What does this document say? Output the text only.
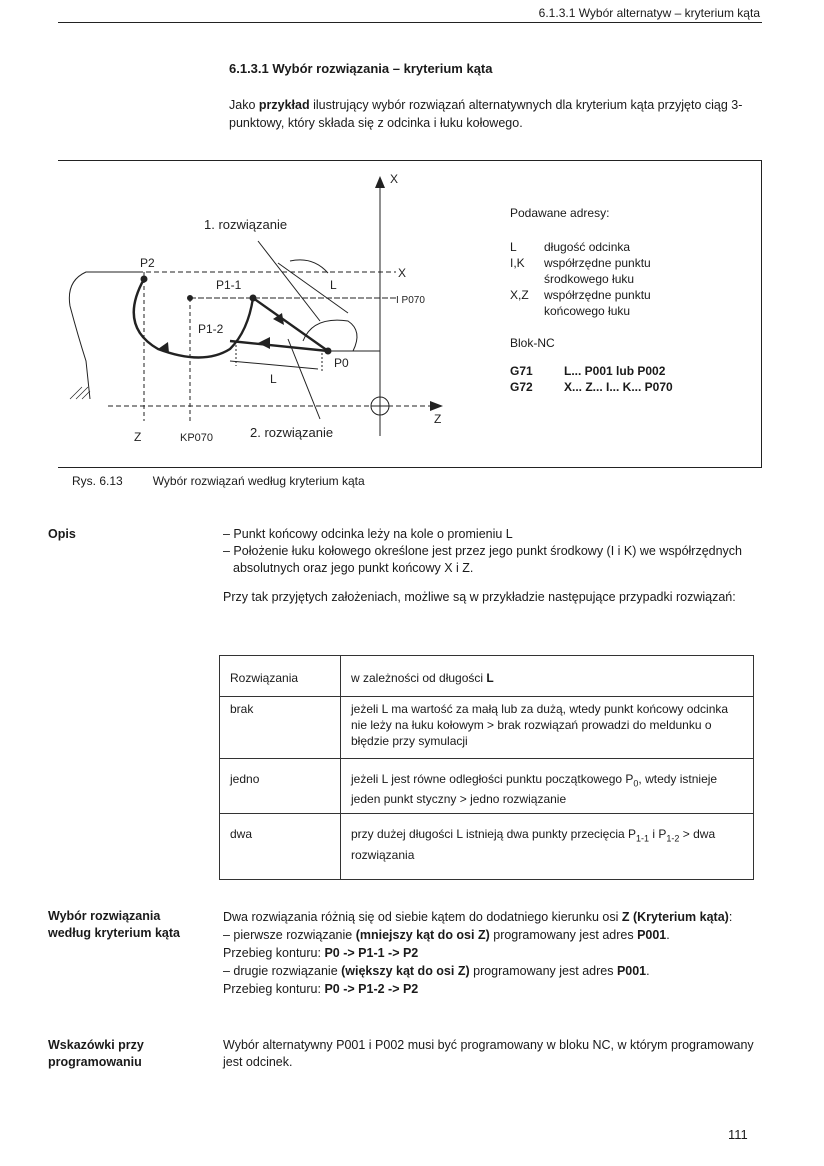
6.1.3.1 Wybór alternatyw – kryterium kąta
6.1.3.1 Wybór rozwiązania – kryterium kąta
Jako przykład ilustrujący wybór rozwiązań alternatywnych dla kryterium kąta przyjęto ciąg 3-punktowy, który składa się z odcinka i łuku kołowego.
X
Z
X
I P070
Z	KP070
1. rozwiązanie
2. rozwiązanie
P2
P1-1
P1-2
P0
L
L
Podawane adresy:
L	długość odcinka
I,K	współrzędne punktu środkowego łuku
X,Z	współrzędne punktu końcowego łuku
Blok-NC
G71	L... P001 lub P002
G72	X... Z... I... K... P070
Rys. 6.13	Wybór rozwiązań według kryterium kąta
Opis	– Punkt końcowy odcinka leży na kole o promieniu L
– Położenie łuku kołowego określone jest przez jego punkt środkowy (I i K) we współrzędnych absolutnych oraz jego punkt końcowy X i Z.
Przy tak przyjętych założeniach, możliwe są w przykładzie następujące przypadki rozwiązań:
Rozwiązania	w zależności od długości L
brak	jeżeli L ma wartość za małą lub za dużą, wtedy punkt końcowy odcinka nie leży na łuku kołowym > brak rozwiązań prowadzi do meldunku o błędzie przy symulacji
jedno	jeżeli L jest równe odległości punktu początkowego $P_0$, wtedy istnieje jeden punkt styczny > jedno rozwiązanie
dwa	przy dużej długości L istnieją dwa punkty przecięcia $P_{1-1}$ i $P_{1-2}$ > dwa rozwiązania
Wybór rozwiązania
według kryterium kąta
Dwa rozwiązania różnią się od siebie kątem do dodatniego kierunku osi Z (Kryterium kąta):
– pierwsze rozwiązanie (mniejszy kąt do osi Z) programowany jest adres P001.
Przebieg konturu: P0 -> P1-1 -> P2
– drugie rozwiązanie (większy kąt do osi Z) programowany jest adres P001.
Przebieg konturu: P0 -> P1-2 -> P2
Wskazówki przy
programowaniu
Wybór alternatywny P001 i P002 musi być programowany w bloku NC, w którym programowany jest odcinek.
111
